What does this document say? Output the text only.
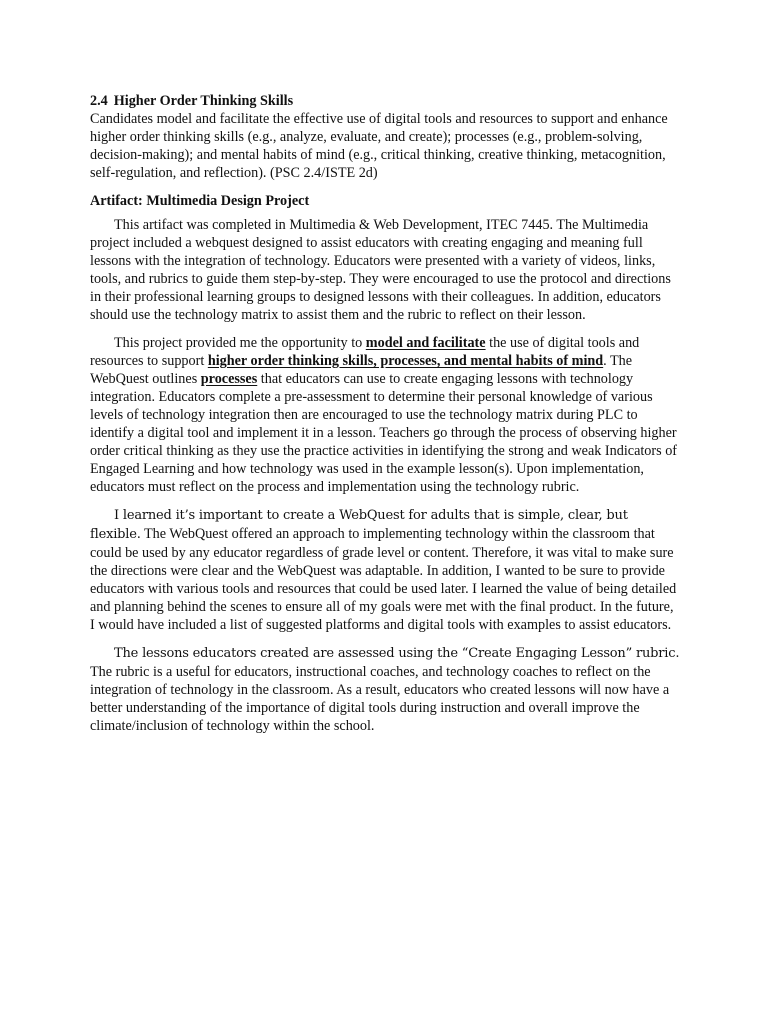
2.4 Higher Order Thinking Skills

Candidates model and facilitate the effective use of digital tools and resources to support and enhance higher order thinking skills (e.g., analyze, evaluate, and create); processes (e.g., problem-solving, decision-making); and mental habits of mind (e.g., critical thinking, creative thinking, metacognition, self-regulation, and reflection). (PSC 2.4/ISTE 2d)

Artifact: Multimedia Design Project

This artifact was completed in Multimedia & Web Development, ITEC 7445. The Multimedia project included a webquest designed to assist educators with creating engaging and meaning full lessons with the integration of technology. Educators were presented with a variety of videos, links, tools, and rubrics to guide them step-by-step. They were encouraged to use the protocol and directions in their professional learning groups to designed lessons with their colleagues. In addition, educators should use the technology matrix to assist them and the rubric to reflect on their lesson.

This project provided me the opportunity to model and facilitate the use of digital tools and resources to support higher order thinking skills, processes, and mental habits of mind. The WebQuest outlines processes that educators can use to create engaging lessons with technology integration. Educators complete a pre-assessment to determine their personal knowledge of various levels of technology integration then are encouraged to use the technology matrix during PLC to identify a digital tool and implement it in a lesson. Teachers go through the process of observing higher order critical thinking as they use the practice activities in identifying the strong and weak Indicators of Engaged Learning and how technology was used in the example lesson(s). Upon implementation, educators must reflect on the process and implementation using the technology rubric.

I learned it’s important to create a WebQuest for adults that is simple, clear, but flexible. The WebQuest offered an approach to implementing technology within the classroom that could be used by any educator regardless of grade level or content. Therefore, it was vital to make sure the directions were clear and the WebQuest was adaptable. In addition, I wanted to be sure to provide educators with various tools and resources that could be used later. I learned the value of being detailed and planning behind the scenes to ensure all of my goals were met with the final product. In the future, I would have included a list of suggested platforms and digital tools with examples to assist educators.

The lessons educators created are assessed using the “Create Engaging Lesson” rubric. The rubric is a useful for educators, instructional coaches, and technology coaches to reflect on the integration of technology in the classroom. As a result, educators who created lessons will now have a better understanding of the importance of digital tools during instruction and overall improve the climate/inclusion of technology within the school.
